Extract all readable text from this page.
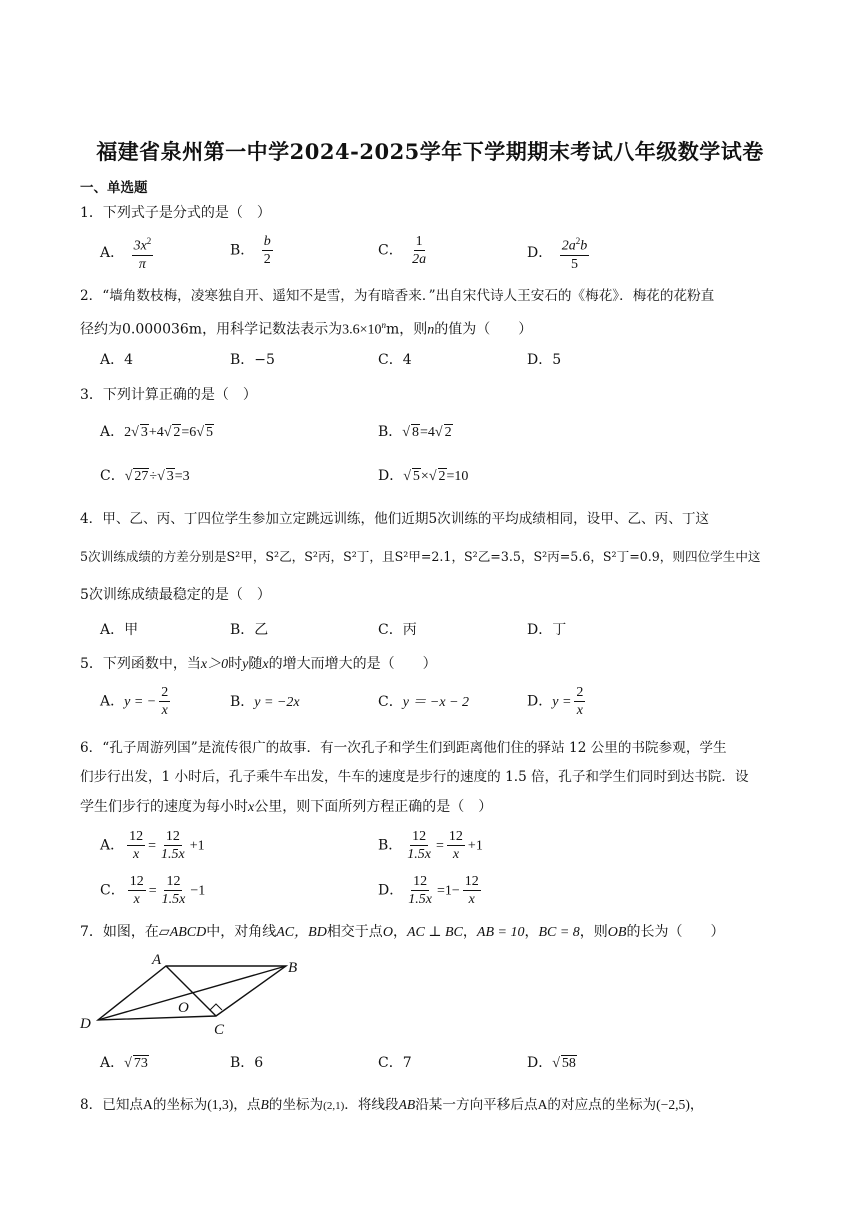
福建省泉州第一中学2024-2025学年下学期期末考试八年级数学试卷
一、单选题
1．下列式子是分式的是（　）
A． $\frac{3x^2}{\pi}$	B． $\frac{b}{2}$	C． $\frac{1}{2a}$	D． $\frac{2a^2b}{5}$
2．“墙角数枝梅，凌寒独自开、遥知不是雪，为有暗香来．”出自宋代诗人王安石的《梅花》．梅花的花粉直
径约为0.000036m，用科学记数法表示为$3.6\times 10^nm$，则n的值为（　　）
A．4	B．−5	C．4	D．5
3．下列计算正确的是（　）
A．2√ 3+4√ 2=6√ 5	B．√ 8=4√ 2
C．√ 27÷√ 3=3	D．√ 5×√ 2=10
4．甲、乙、丙、丁四位学生参加立定跳远训练，他们近期5次训练的平均成绩相同，设甲、乙、丙、丁这
5次训练成绩的方差分别是S²甲，S²乙，S²丙，S²丁，且S²甲=2.1，S²乙=3.5，S²丙=5.6，S²丁=0.9，则四位学生中这
5次训练成绩最稳定的是（　）
A．甲	B．乙	C．丙	D．丁
5．下列函数中，当x＞0时y随x的增大而增大的是（　　）
A．y = − $\frac{2}{x}$	B．y = −2x	C．y ＝ −x − 2	D．$y = \frac{2}{x}$
6．“孔子周游列国”是流传很广的故事．有一次孔子和学生们到距离他们住的驿站 12 公里的书院参观，学生
们步行出发，1 小时后，孔子乘牛车出发，牛车的速度是步行的速度的 1.5 倍，孔子和学生们同时到达书院．设
学生们步行的速度为每小时x公里，则下面所列方程正确的是（　）
A． $\frac{12}{x} = \frac{12}{1.5x} +1$	B． $\frac{12}{1.5x} = \frac{12}{x} +1$
C． $\frac{12}{x} = \frac{12}{1.5x} -1$	D． $\frac{12}{1.5x} =1- \frac{12}{x}$
7．如图，在▱ABCD中，对角线AC，BD相交于点O，AC ⊥ BC，AB = 10，BC = 8，则OB的长为（　　）
A	B
C
D
O
A．√ 73	B．6	C．7	D．√ 58
8．已知点A的坐标为(1,3)，点B的坐标为(2,1)．将线段AB沿某一方向平移后点A的对应点的坐标为(−2,5)，
